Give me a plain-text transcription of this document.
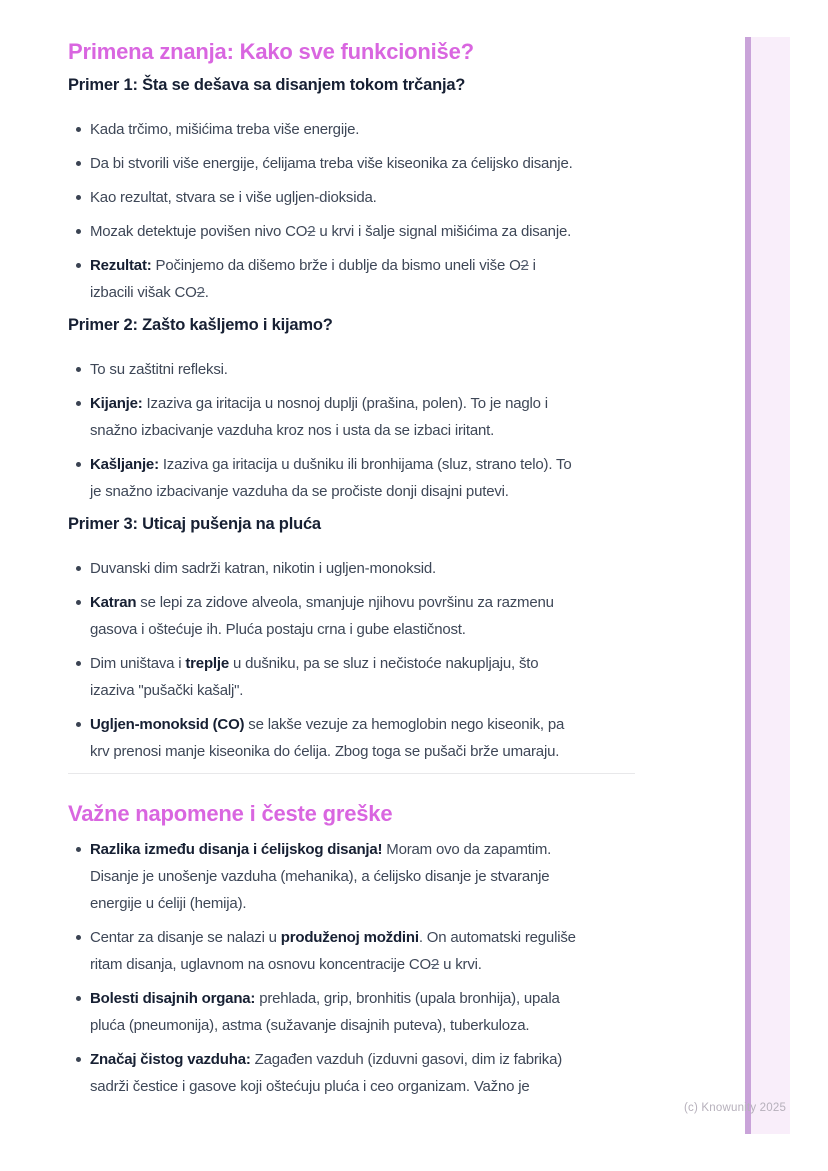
Primena znanja: Kako sve funkcioniše?
Primer 1: Šta se dešava sa disanjem tokom trčanja?
Kada trčimo, mišićima treba više energije.
Da bi stvorili više energije, ćelijama treba više kiseonika za ćelijsko disanje.
Kao rezultat, stvara se i više ugljen-dioksida.
Mozak detektuje povišen nivo CO2 u krvi i šalje signal mišićima za disanje.
Rezultat: Počinjemo da dišemo brže i dublje da bismo uneli više O2 i
izbacili višak CO2.
Primer 2: Zašto kašljemo i kijamo?
To su zaštitni refleksi.
Kijanje: Izaziva ga iritacija u nosnoj duplji (prašina, polen). To je naglo i
snažno izbacivanje vazduha kroz nos i usta da se izbaci iritant.
Kašljanje: Izaziva ga iritacija u dušniku ili bronhijama (sluz, strano telo). To
je snažno izbacivanje vazduha da se pročiste donji disajni putevi.
Primer 3: Uticaj pušenja na pluća
Duvanski dim sadrži katran, nikotin i ugljen-monoksid.
Katran se lepi za zidove alveola, smanjuje njihovu površinu za razmenu
gasova i oštećuje ih. Pluća postaju crna i gube elastičnost.
Dim uništava i treplje u dušniku, pa se sluz i nečistoće nakupljaju, što
izaziva "pušački kašalj".
Ugljen-monoksid (CO) se lakše vezuje za hemoglobin nego kiseonik, pa
krv prenosi manje kiseonika do ćelija. Zbog toga se pušači brže umaraju.
Važne napomene i česte greške
Razlika između disanja i ćelijskog disanja! Moram ovo da zapamtim.
Disanje je unošenje vazduha (mehanika), a ćelijsko disanje je stvaranje
energije u ćeliji (hemija).
Centar za disanje se nalazi u produženoj moždini. On automatski reguliše
ritam disanja, uglavnom na osnovu koncentracije CO2 u krvi.
Bolesti disajnih organa: prehlada, grip, bronhitis (upala bronhija), upala
pluća (pneumonija), astma (sužavanje disajnih puteva), tuberkuloza.
Značaj čistog vazduha: Zagađen vazduh (izduvni gasovi, dim iz fabrika)
sadrži čestice i gasove koji oštećuju pluća i ceo organizam. Važno je
(c) Knowunity 2025
